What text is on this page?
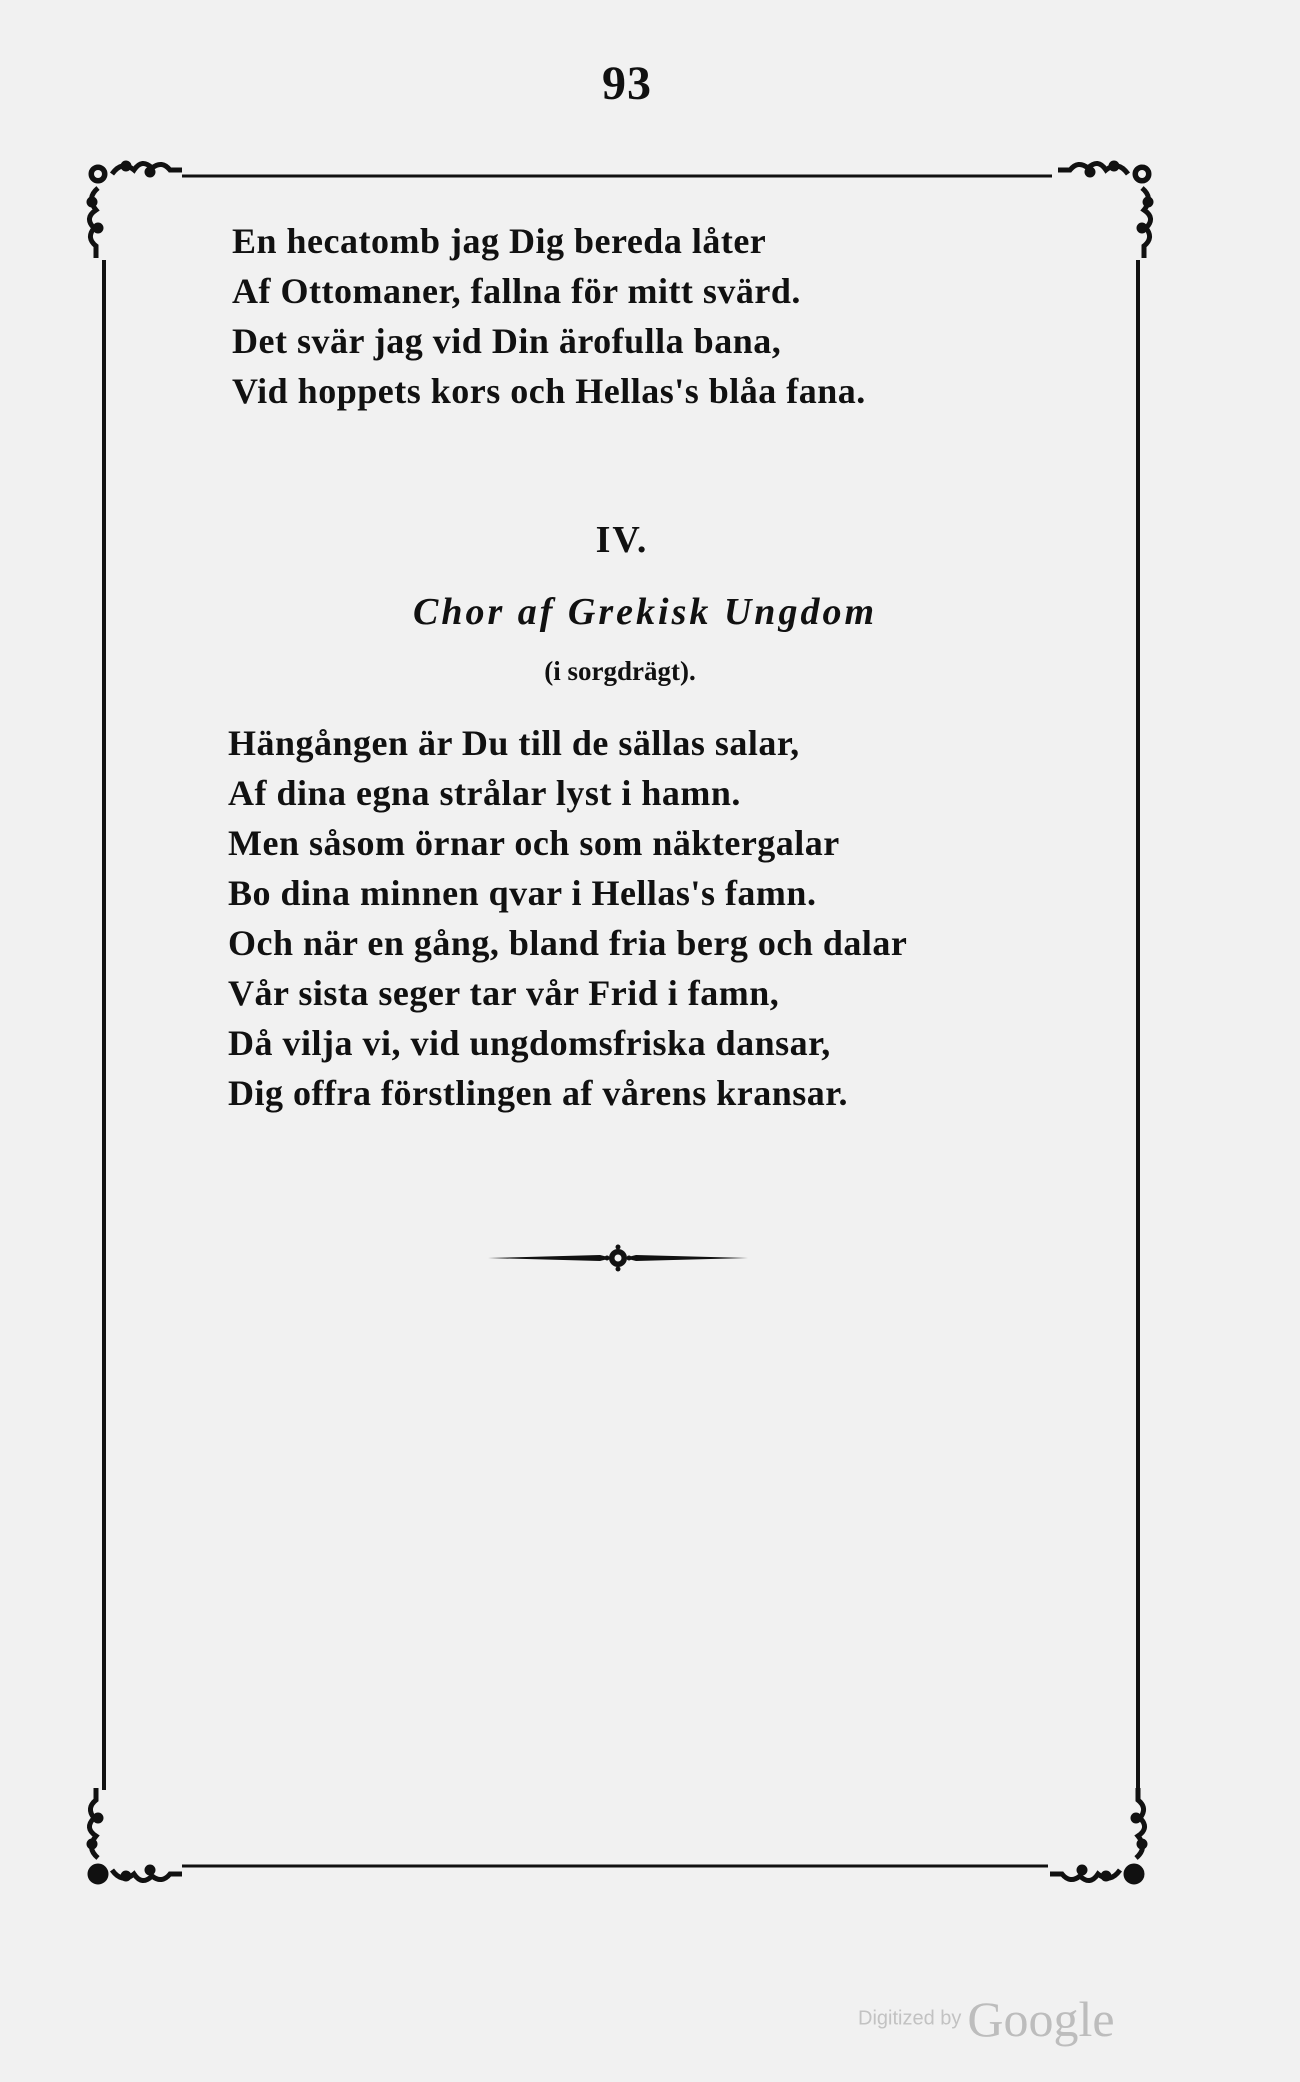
93
En hecatomb jag Dig bereda låter
Af Ottomaner, fallna för mitt svärd.
Det svär jag vid Din ärofulla bana,
Vid hoppets kors och Hellas's blåa fana.
IV.
Chor af Grekisk Ungdom
(i sorgdrägt).
Hängången är Du till de sällas salar,
Af dina egna strålar lyst i hamn.
Men såsom örnar och som näktergalar
Bo dina minnen qvar i Hellas's famn.
Och när en gång, bland fria berg och dalar
Vår sista seger tar vår Frid i famn,
Då vilja vi, vid ungdomsfriska dansar,
Dig offra förstlingen af vårens kransar.
Digitized by Google
